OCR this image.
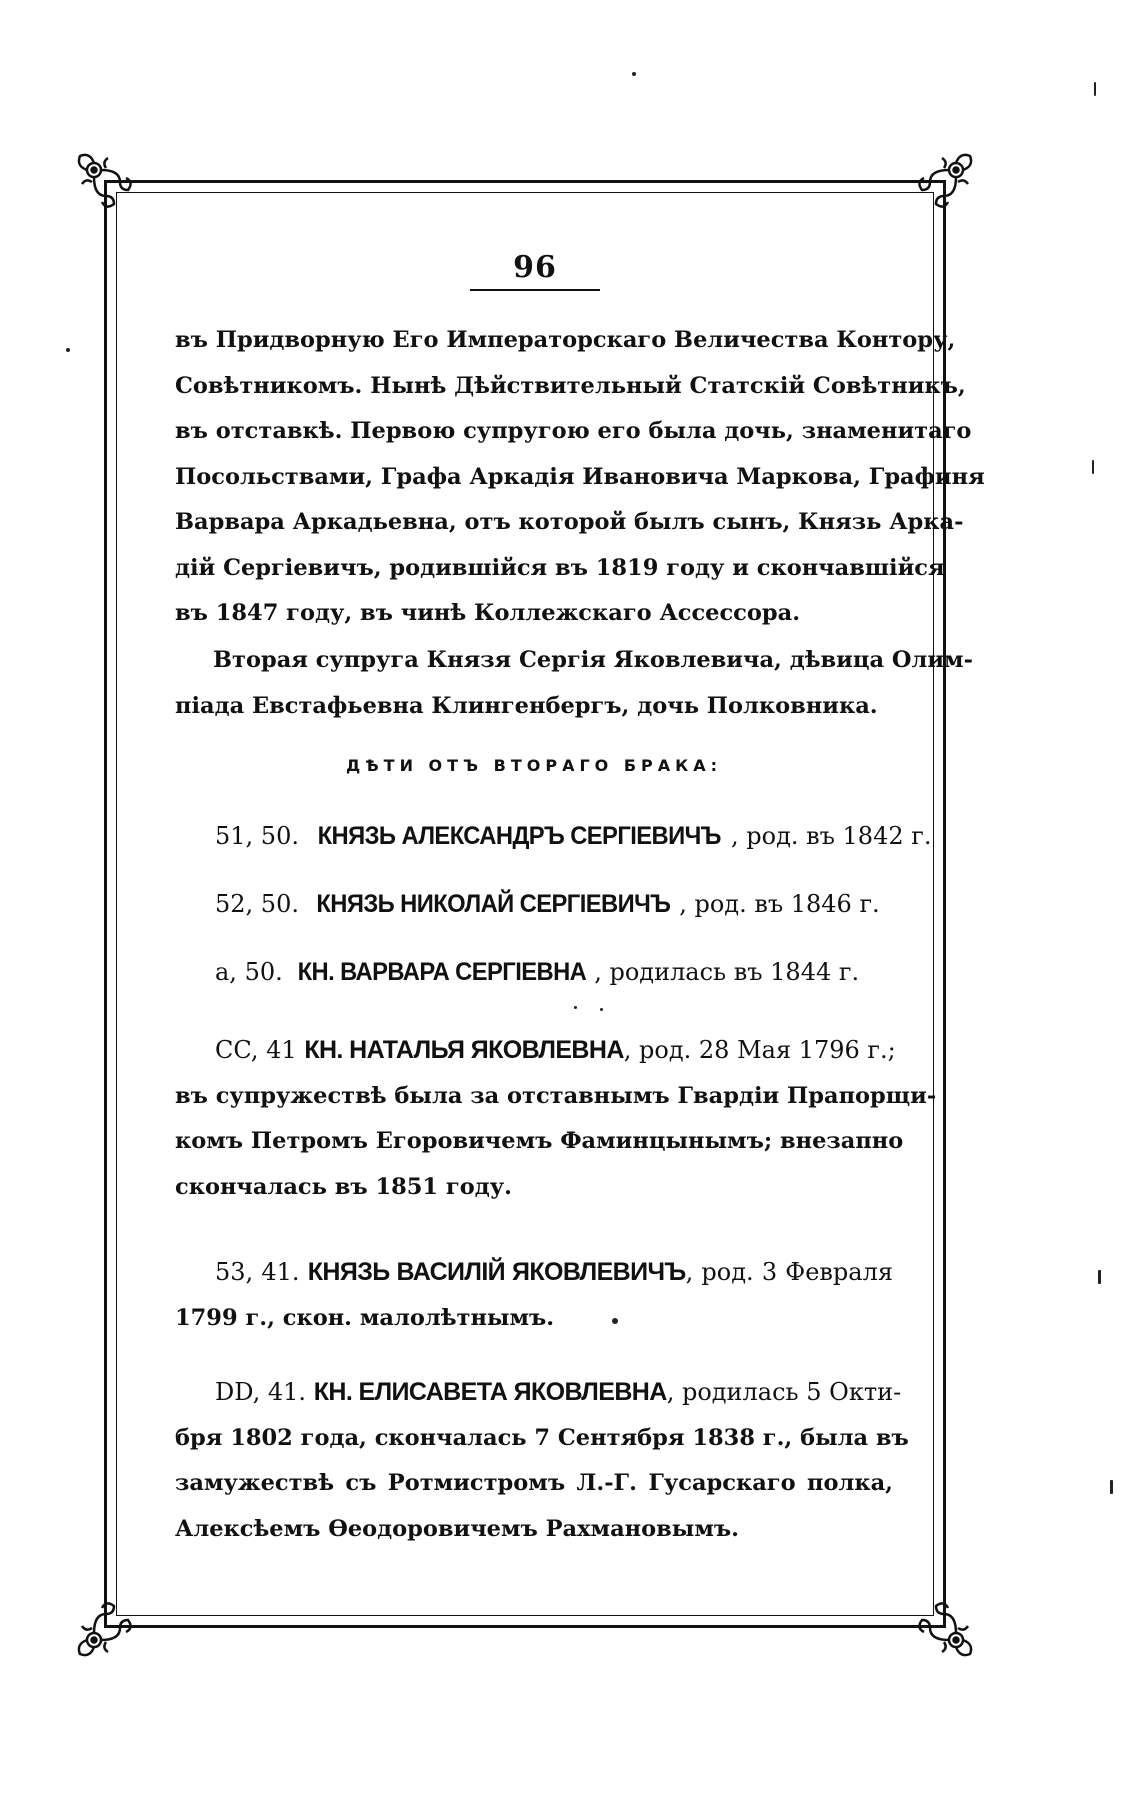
96
въ Придворную Его Императорскаго Величества Контору,
Совѣтникомъ. Нынѣ Дѣйствительный Статскій Совѣтникъ,
въ отставкѣ. Первою супругою его была дочь, знаменитаго
Посольствами, Графа Аркадія Ивановича Маркова, Графиня
Варвара Аркадьевна, отъ которой былъ сынъ, Князь Арка-
дій Сергіевичъ, родившійся въ 1819 году и скончавшійся
въ 1847 году, въ чинѣ Коллежскаго Ассессора.
Вторая супруга Князя Сергія Яковлевича, дѣвица Олим-
піада Евстафьевна Клингенбергъ, дочь Полковника.
ДѢТИ ОТЪ ВТОРАГО БРАКА:
51, 50. КНЯЗЬ АЛЕКСАНДРЪ СЕРГІЕВИЧЪ , род. въ 1842 г.
52, 50. КНЯЗЬ НИКОЛАЙ СЕРГІЕВИЧЪ , род. въ 1846 г.
a, 50. КН. ВАРВАРА СЕРГІЕВНА , родилась въ 1844 г.
CC, 41 КН. НАТАЛЬЯ ЯКОВЛЕВНА, род. 28 Мая 1796 г.;
въ супружествѣ была за отставнымъ Гвардіи Прапорщи-
комъ Петромъ Егоровичемъ Фаминцынымъ; внезапно
скончалась въ 1851 году.
53, 41. КНЯЗЬ ВАСИЛІЙ ЯКОВЛЕВИЧЪ, род. 3 Февраля
1799 г., скон. малолѣтнымъ.
DD, 41. КН. ЕЛИСАВЕТА ЯКОВЛЕВНА, родилась 5 Окти-
бря 1802 года, скончалась 7 Сентября 1838 г., была въ
замужествѣ съ Ротмистромъ Л.-Г. Гусарскаго полка,
Алексѣемъ Ѳеодоровичемъ Рахмановымъ.
